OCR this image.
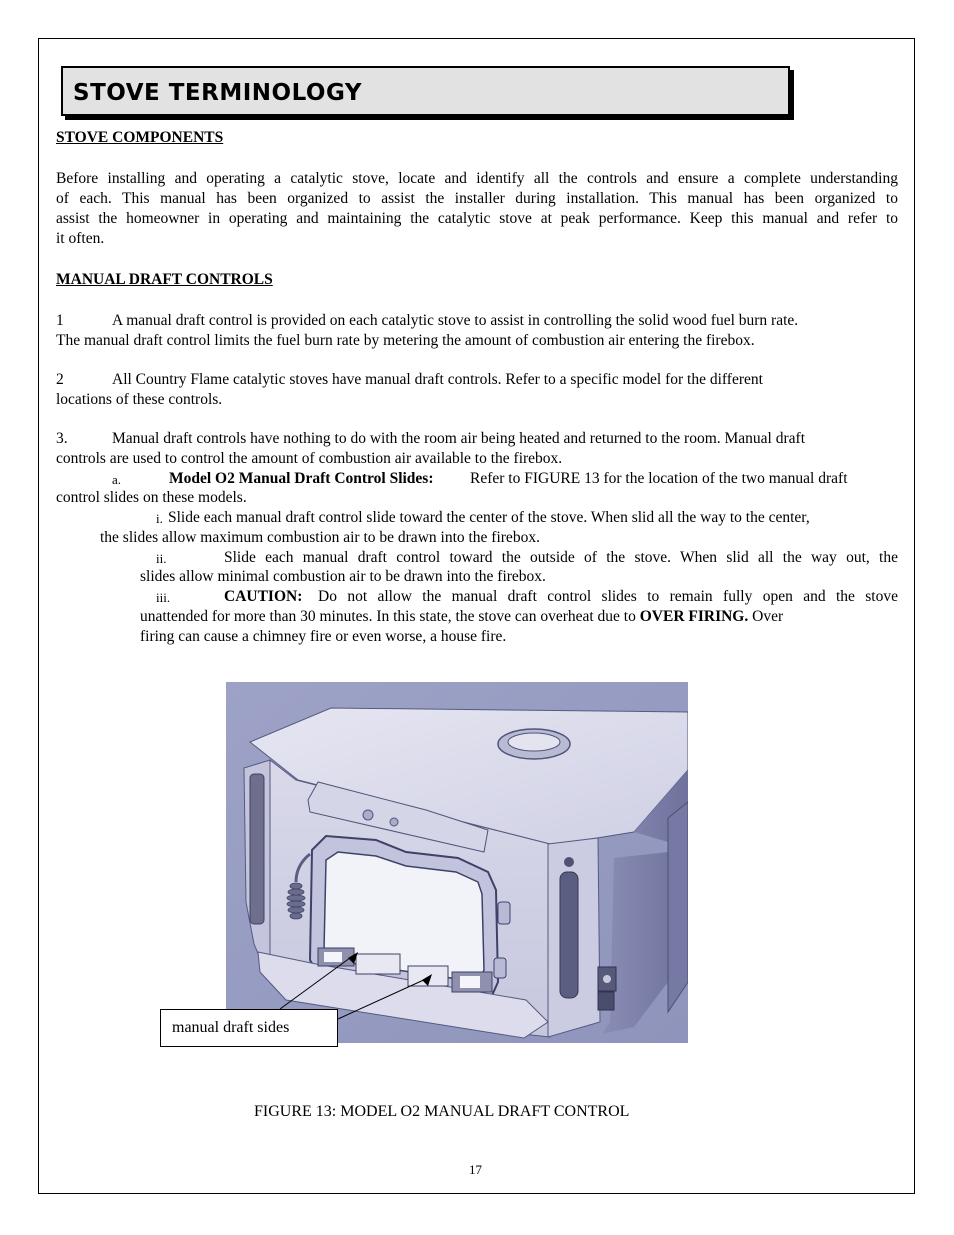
STOVE TERMINOLOGY
STOVE COMPONENTS
Before installing and operating a catalytic stove, locate and identify all the controls and ensure a complete understanding
of each. This manual has been organized to assist the installer during installation. This manual has been organized to
assist the homeowner in operating and maintaining the catalytic stove at peak performance. Keep this manual and refer to
it often.
MANUAL DRAFT CONTROLS
1	A manual draft control is provided on each catalytic stove to assist in controlling the solid wood fuel burn rate.
The manual draft control limits the fuel burn rate by metering the amount of combustion air entering the firebox.
2	All Country Flame catalytic stoves have manual draft controls. Refer to a specific model for the different
locations of these controls.
3.	Manual draft controls have nothing to do with the room air being heated and returned to the room. Manual draft
controls are used to control the amount of combustion air available to the firebox.
a.	Model O2 Manual Draft Control Slides: Refer to FIGURE 13 for the location of the two manual draft
control slides on these models.
i. Slide each manual draft control slide toward the center of the stove. When slid all the way to the center,
the slides allow maximum combustion air to be drawn into the firebox.
ii.	Slide each manual draft control toward the outside of the stove. When slid all the way out, the
slides allow minimal combustion air to be drawn into the firebox.
iii.	CAUTION: Do not allow the manual draft control slides to remain fully open and the stove
unattended for more than 30 minutes. In this state, the stove can overheat due to OVER FIRING. Over
firing can cause a chimney fire or even worse, a house fire.
manual draft sides
FIGURE 13: MODEL O2 MANUAL DRAFT CONTROL
17
